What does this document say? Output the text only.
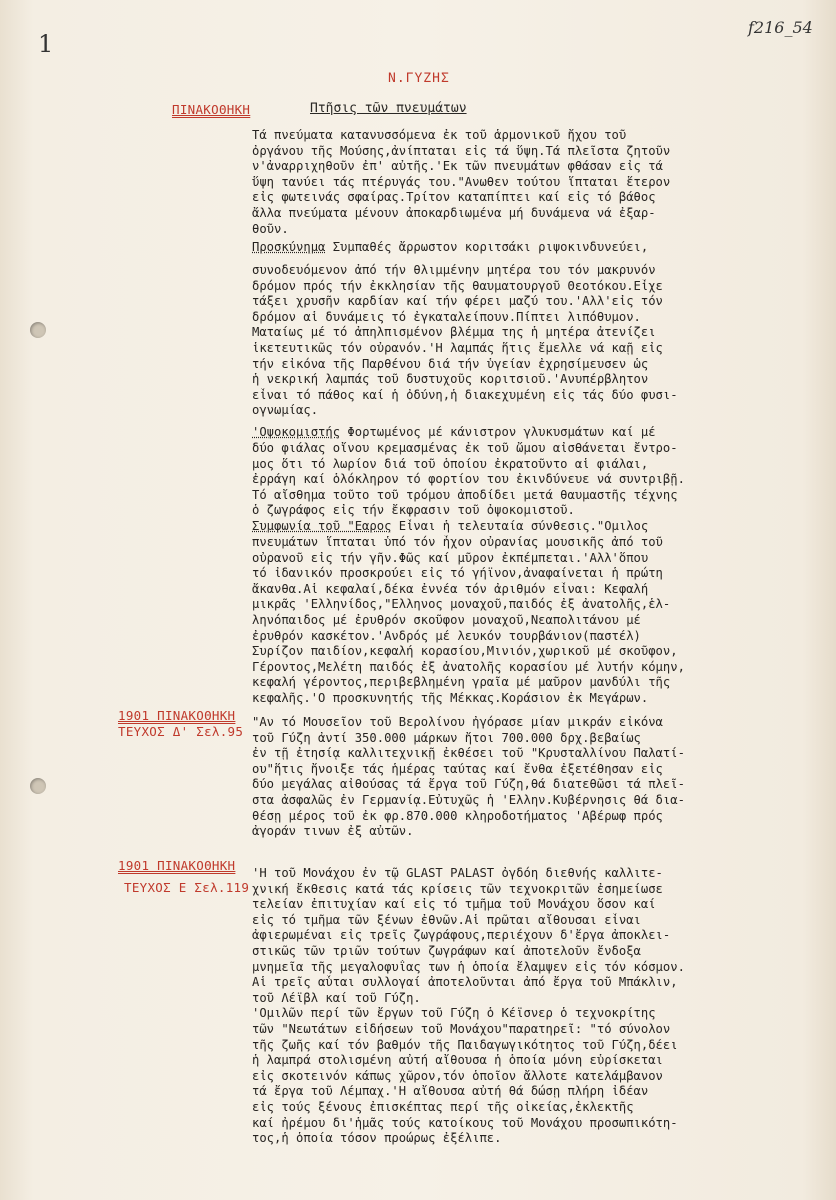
1
f216_54
Ν.ΓΥΖΗΣ
ΠΙΝΑΚΟΘΗΚΗ	Πτῆσις τῶν πνευμάτων
Τά πνεύματα κατανυσσόμενα ἐκ τοῦ ἁρμονικοῦ ἤχου τοῦ
ὀργάνου τῆς Μούσης,ἀνίπταται εἰς τά ὕψη.Τά πλεῖστα ζητοῦν
ν'ἀναρριχηθοῦν ἐπ' αὐτῆς.'Εκ τῶν πνευμάτων φθάσαν εἰς τά
ὕψη τανύει τάς πτέρυγάς του."Ανωθεν τούτου ἵπταται ἕτερον
εἰς φωτεινάς σφαίρας.Τρίτον καταπίπτει καί εἰς τό βάθος
ἄλλα πνεύματα μένουν ἀποκαρδιωμένα μή δυνάμενα νά ἐξαρ-
θοῦν.
Προσκύνημα Συμπαθές ἄρρωστον κοριτσάκι ριψοκινδυνεύει,
συνοδευόμενον ἀπό τήν θλιμμένην μητέρα του τόν μακρυνόν
δρόμον πρός τήν ἐκκλησίαν τῆς θαυματουργοῦ Θεοτόκου.Εἶχε
τάξει χρυσῆν καρδίαν καί τήν φέρει μαζύ του.'Αλλ'εἰς τόν
δρόμον αἱ δυνάμεις τό ἐγκαταλείπουν.Πίπτει λιπόθυμον.
Ματαίως μέ τό ἀπηλπισμένον βλέμμα της ἡ μητέρα ἀτενίζει
ἱκετευτικῶς τόν οὐρανόν.'Η λαμπάς ἥτις ἔμελλε νά καῇ εἰς
τήν εἰκόνα τῆς Παρθένου διά τήν ὑγείαν ἐχρησίμευσεν ὡς
ἡ νεκρική λαμπάς τοῦ δυστυχοῦς κοριτσιοῦ.'Ανυπέρβλητον
εἶναι τό πάθος καί ἡ ὀδύνη,ἡ διακεχυμένη εἰς τάς δύο φυσι-
ογνωμίας.
'Οψοκομιστής Φορτωμένος μέ κάνιστρον γλυκυσμάτων καί μέ
δύο φιάλας οἴνου κρεμασμένας ἐκ τοῦ ὤμου αἰσθάνεται ἔντρο-
μος ὅτι τό λωρίον διά τοῦ ὁποίου ἐκρατοῦντο αἱ φιάλαι,
ἐρράγη καί ὁλόκληρον τό φορτίον του ἐκινδύνευε νά συντριβῇ.
Τό αἴσθημα τοῦτο τοῦ τρόμου ἀποδίδει μετά θαυμαστῆς τέχνης
ὁ ζωγράφος εἰς τήν ἔκφρασιν τοῦ ὀψοκομιστοῦ.
Συμφωνία τοῦ "Εαρος Εἶναι ἡ τελευταία σύνθεσις."Ομιλος
πνευμάτων ἵπταται ὑπό τόν ἦχον οὐρανίας μουσικῆς ἀπό τοῦ
οὐρανοῦ εἰς τήν γῆν.Φῶς καί μῦρον ἐκπέμπεται.'Αλλ'ὅπου
τό ἰδανικόν προσκρούει εἰς τό γήϊνον,ἀναφαίνεται ἡ πρώτη
ἄκανθα.Αἱ κεφαλαί,δέκα ἐννέα τόν ἀριθμόν εἶναι: Κεφαλή
μικρᾶς 'Ελληνίδος,"Ελληνος μοναχοῦ,παιδός ἐξ ἀνατολῆς,ἑλ-
ληνόπαιδος μέ ἐρυθρόν σκοῦφον μοναχοῦ,Νεαπολιτάνου μέ
ἐρυθρόν κασκέτον.'Ανδρός μέ λευκόν τουρβάνιον(παστέλ)
Συρίζον παιδίον,κεφαλή κορασίου,Μινιόν,χωρικοῦ μέ σκοῦφον,
Γέροντος,Μελέτη παιδός ἐξ ἀνατολῆς κορασίου μέ λυτήν κόμην,
κεφαλή γέροντος,περιβεβλημένη γραῖα μέ μαῦρον μανδύλι τῆς
κεφαλῆς.'Ο προσκυνητής τῆς Μέκκας.Κοράσιον ἐκ Μεγάρων.
1901 ΠΙΝΑΚΟΘΗΚΗ
ΤΕΥΧΟΣ Δ' Σελ.95
"Αν τό Μουσεῖον τοῦ Βερολίνου ἠγόρασε μίαν μικράν εἰκόνα
τοῦ Γύζη ἀντί 350.000 μάρκων ἤτοι 700.000 δρχ.βεβαίως
ἐν τῇ ἐτησίᾳ καλλιτεχνικῇ ἐκθέσει τοῦ "Κρυσταλλίνου Παλατί-
ου"ἥτις ἤνοιξε τάς ἡμέρας ταύτας καί ἔνθα ἐξετέθησαν εἰς
δύο μεγάλας αἰθούσας τά ἔργα τοῦ Γύζη,θά διατεθῶσι τά πλεῖ-
στα ἀσφαλῶς ἐν Γερμανίᾳ.Εὐτυχῶς ἡ 'Ελλην.Κυβέρνησις θά δια-
θέσῃ μέρος τοῦ ἐκ φρ.870.000 κληροδοτήματος 'Αβέρωφ πρός
ἀγοράν τινων ἐξ αὐτῶν.
1901 ΠΙΝΑΚΟΘΗΚΗ
ΤΕΥΧΟΣ Ε Σελ.119
'Η τοῦ Μονάχου ἐν τῷ GLAST PALAST ὀγδόη διεθνής καλλιτε-
χνική ἔκθεσις κατά τάς κρίσεις τῶν τεχνοκριτῶν ἐσημείωσε
τελείαν ἐπιτυχίαν καί εἰς τό τμῆμα τοῦ Μονάχου ὅσον καί
εἰς τό τμῆμα τῶν ξένων ἐθνῶν.Αἱ πρῶται αἴθουσαι εἶναι
ἀφιερωμέναι εἰς τρεῖς ζωγράφους,περιέχουν δ'ἔργα ἀποκλει-
στικῶς τῶν τριῶν τούτων ζωγράφων καί ἀποτελοῦν ἔνδοξα
μνημεῖα τῆς μεγαλοφυΐας των ἡ ὁποία ἔλαμψεν εἰς τόν κόσμον.
Αἱ τρεῖς αὗται συλλογαί ἀποτελοῦνται ἀπό ἔργα τοῦ Μπάκλιν,
τοῦ Λέϊβλ καί τοῦ Γύζη.
'Ομιλῶν περί τῶν ἔργων τοῦ Γύζη ὁ Κέϊσνερ ὁ τεχνοκρίτης
τῶν "Νεωτάτων εἰδήσεων τοῦ Μονάχου"παρατηρεῖ: "τό σύνολον
τῆς ζωῆς καί τόν βαθμόν τῆς Παιδαγωγικότητος τοῦ Γύζη,δέει
ἡ λαμπρά στολισμένη αὐτή αἴθουσα ἡ ὁποία μόνη εὑρίσκεται
εἰς σκοτεινόν κάπως χῶρον,τόν ὁποῖον ἄλλοτε κατελάμβανον
τά ἔργα τοῦ Λέμπαχ.'Η αἴθουσα αὐτή θά δώσῃ πλήρη ἰδέαν
εἰς τούς ξένους ἐπισκέπτας περί τῆς οἰκείας,ἐκλεκτῆς
καί ἠρέμου δι'ἡμᾶς τούς κατοίκους τοῦ Μονάχου προσωπικότη-
τος,ἡ ὁποία τόσον προώρως ἐξέλιπε.
